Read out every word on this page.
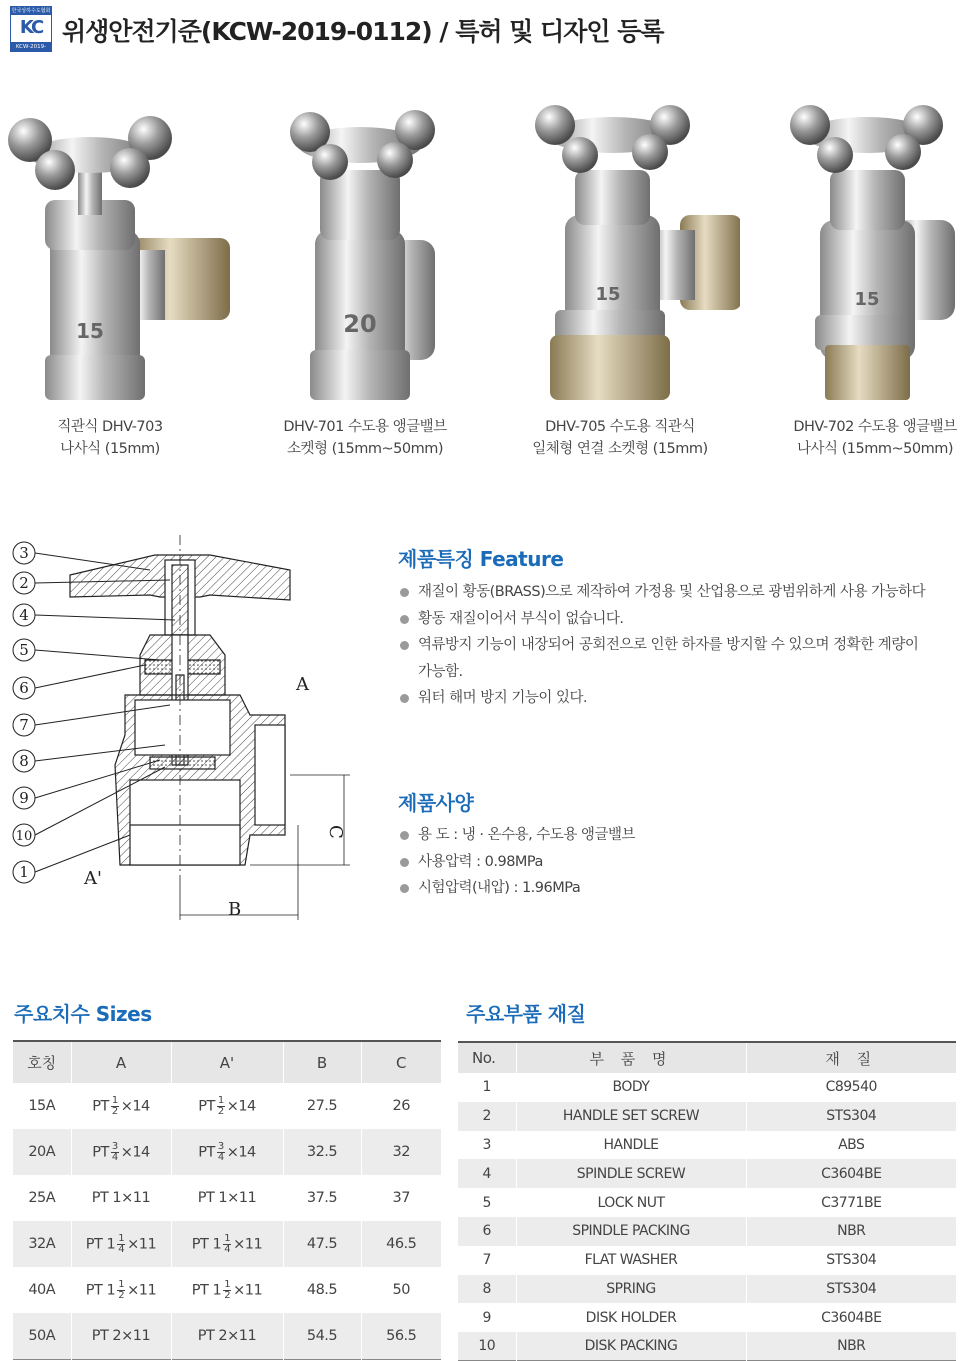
한국상하수도협회
KC
KCW-2019-0112
위생안전기준(KCW-2019-0112) / 특허 및 디자인 등록
15
직관식 DHV-703
나사식 (15mm)
20
DHV-701 수도용 앵글밸브
소켓형 (15mm~50mm)
15
DHV-705 수도용 직관식
일체형 연결 소켓형 (15mm)
15
DHV-702 수도용 앵글밸브
나사식 (15mm~50mm)
3
2
4
5
6
7
8
9
10
1
A
A'
B
C
제품특징 Feature
재질이 황동(BRASS)으로 제작하여 가정용 및 산업용으로 광범위하게 사용 가능하다
황동 재질이어서 부식이 없습니다.
역류방지 기능이 내장되어 공회전으로 인한 하자를 방지할 수 있으며 정확한 계량이
가능함.
워터 해머 방지 기능이 있다.
제품사양
용 도 : 냉 · 온수용, 수도용 앵글밸브
사용압력 : 0.98MPa
시험압력(내압) : 1.96MPa
주요치수 Sizes
호칭	A	A'	B	C
15A	PT $\frac{1}{2} \times 14$	PT $\frac{1}{2} \times 14$	27.5	26
20A	PT $\frac{3}{4} \times 14$	PT $\frac{3}{4} \times 14$	32.5	32
25A	PT 1×11	PT 1×11	37.5	37
32A	PT $1 \frac{1}{4} \times 11$	PT $1 \frac{1}{4} \times 11$	47.5	46.5
40A	PT $1 \frac{1}{2} \times 11$	PT $1 \frac{1}{2} \times 11$	48.5	50
50A	PT 2×11	PT 2×11	54.5	56.5
주요부품 재질
No.	부 품 명	재 질
1	BODY	C89540
2	HANDLE SET SCREW	STS304
3	HANDLE	ABS
4	SPINDLE SCREW	C3604BE
5	LOCK NUT	C3771BE
6	SPINDLE PACKING	NBR
7	FLAT WASHER	STS304
8	SPRING	STS304
9	DISK HOLDER	C3604BE
10	DISK PACKING	NBR
